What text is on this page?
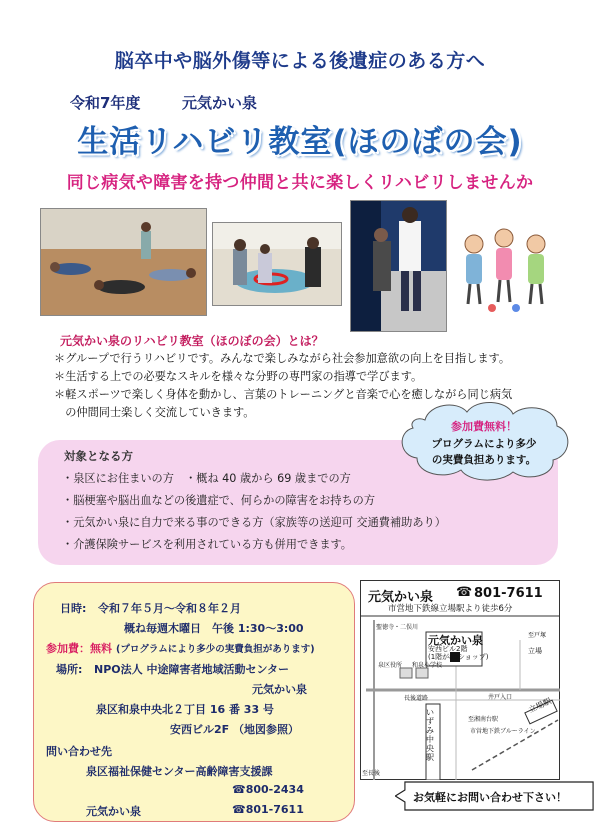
脳卒中や脳外傷等による後遺症のある方へ
令和7年度	元気かい泉
生活リハビリ教室(ほのぼの会)
同じ病気や障害を持つ仲間と共に楽しくリハビリしませんか
元気かい泉のリハビリ教室（ほのぼの会）とは？
＊グループで行うリハビリです。みんなで楽しみながら社会参加意欲の向上を目指します。
＊生活する上での必要なスキルを様々な分野の専門家の指導で学びます。
＊軽スポーツで楽しく身体を動かし、言葉のトレーニングと音楽で心を癒しながら同じ病気
　の仲間同士楽しく交流していきます。
対象となる方
・泉区にお住まいの方　・概ね 40 歳から 69 歳までの方
・脳梗塞や脳出血などの後遺症で、何らかの障害をお持ちの方
・元気かい泉に自力で来る事のできる方（家族等の送迎可 交通費補助あり）
・介護保険サービスを利用されている方も併用できます。
参加費無料！
プログラムにより多少
の実費負担あります。
日時: 令和７年５月～令和８年２月
概ね毎週木曜日　午後 1:30～3:00
参加費：無料 (プログラムにより多少の実費負担があります)
場所: NPO法人 中途障害者地域活動センター
元気かい泉
泉区和泉中央北２丁目 16 番 33 号
安西ビル2F （地図参照）
問い合わせ先
泉区福祉保健センター高齢障害支援課
☎800-2434
元気かい泉	☎801-7611
元気かい泉 ☎ 801-7611
市営地下鉄線立場駅より徒歩6分
元気かい泉
安西ビル2階
(1階がauショップ)
聖徳寺・二俣川
立場
泉区役所 和泉小学校
長後道路	井戸入口
至戸塚
いずみ中央駅
立場駅
至湘南台駅
市営地下鉄ブルーライン
至長後
お気軽にお問い合わせ下さい！
